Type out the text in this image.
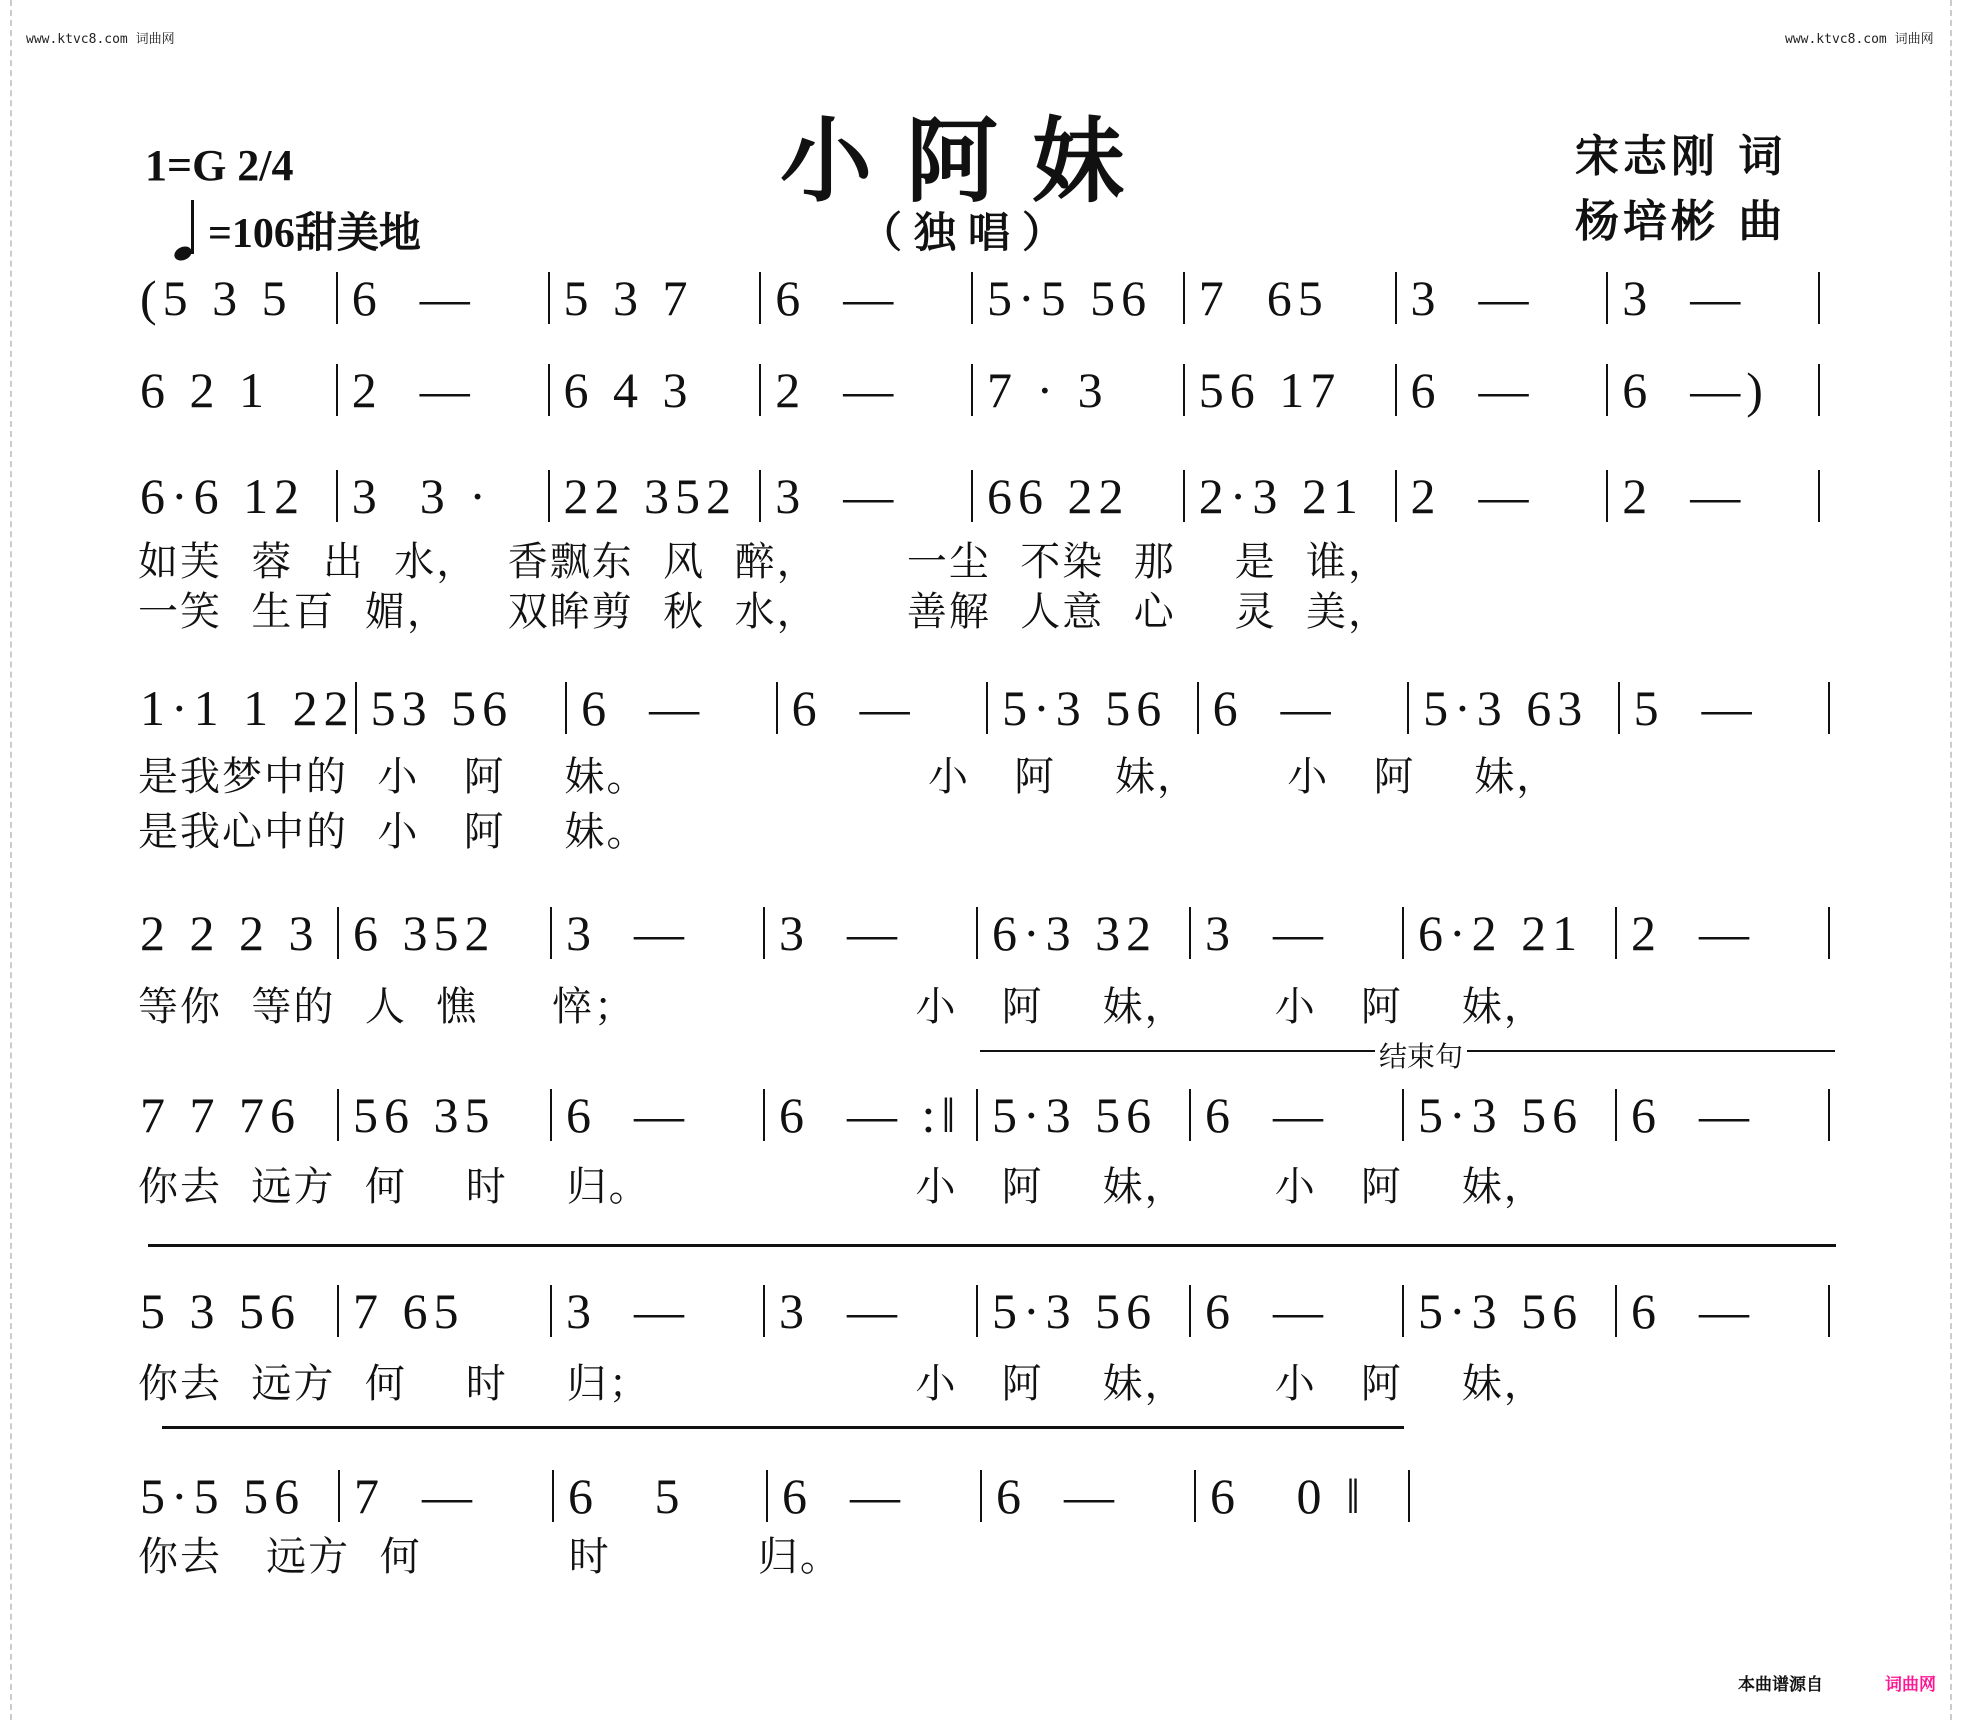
www.ktvc8.com 词曲网	www.ktvc8.com 词曲网
小阿妹
（独唱）
1=G 2/4
=106甜美地
宋志刚 词
杨培彬 曲
(5 3 5	6  —	5 3 7	6  —	5·5 56 7  65	3  —	3  —
6 2 1	2  —	6 4 3	2  —	7 · 3	56 17	6  —	6  —)
6·6 12 3  3 ·	22 352 3  —	66 22	2·3 21 2  —	2  —
如芙  蓉  出  水，  香飘东  风  醉，      一尘  不染  那    是  谁，
一笑  生百  媚，    双眸剪  秋  水，      善解  人意  心    灵  美，
1·1 1 22 53 56	6  —	6  —	5·3 56 6  —	5·3 63 5  —
是我梦中的  小   阿    妹。                   小   阿    妹，      小   阿    妹，
是我心中的  小   阿    妹。
2 2 2 3 6 352	3  —	3  —	6·3 32 3  —	6·2 21 2  —
等你  等的  人  憔     悴；                   小   阿    妹，      小   阿    妹，
7 7 76	56 35	6  —	6  — :‖ 5·3 56 6  —	5·3 56 6  —
你去  远方  何    时    归。                  小   阿    妹，      小   阿    妹，
5 3 56	7 65	3  —	3  —	5·3 56 6  —	5·3 56 6  —
你去  远方  何    时    归；                  小   阿    妹，      小   阿    妹，
5·5 56 7  —	6   5	6  —	6  —	6   0 ‖
你去   远方  何          时          归。
结束句
本曲谱源自	词曲网
